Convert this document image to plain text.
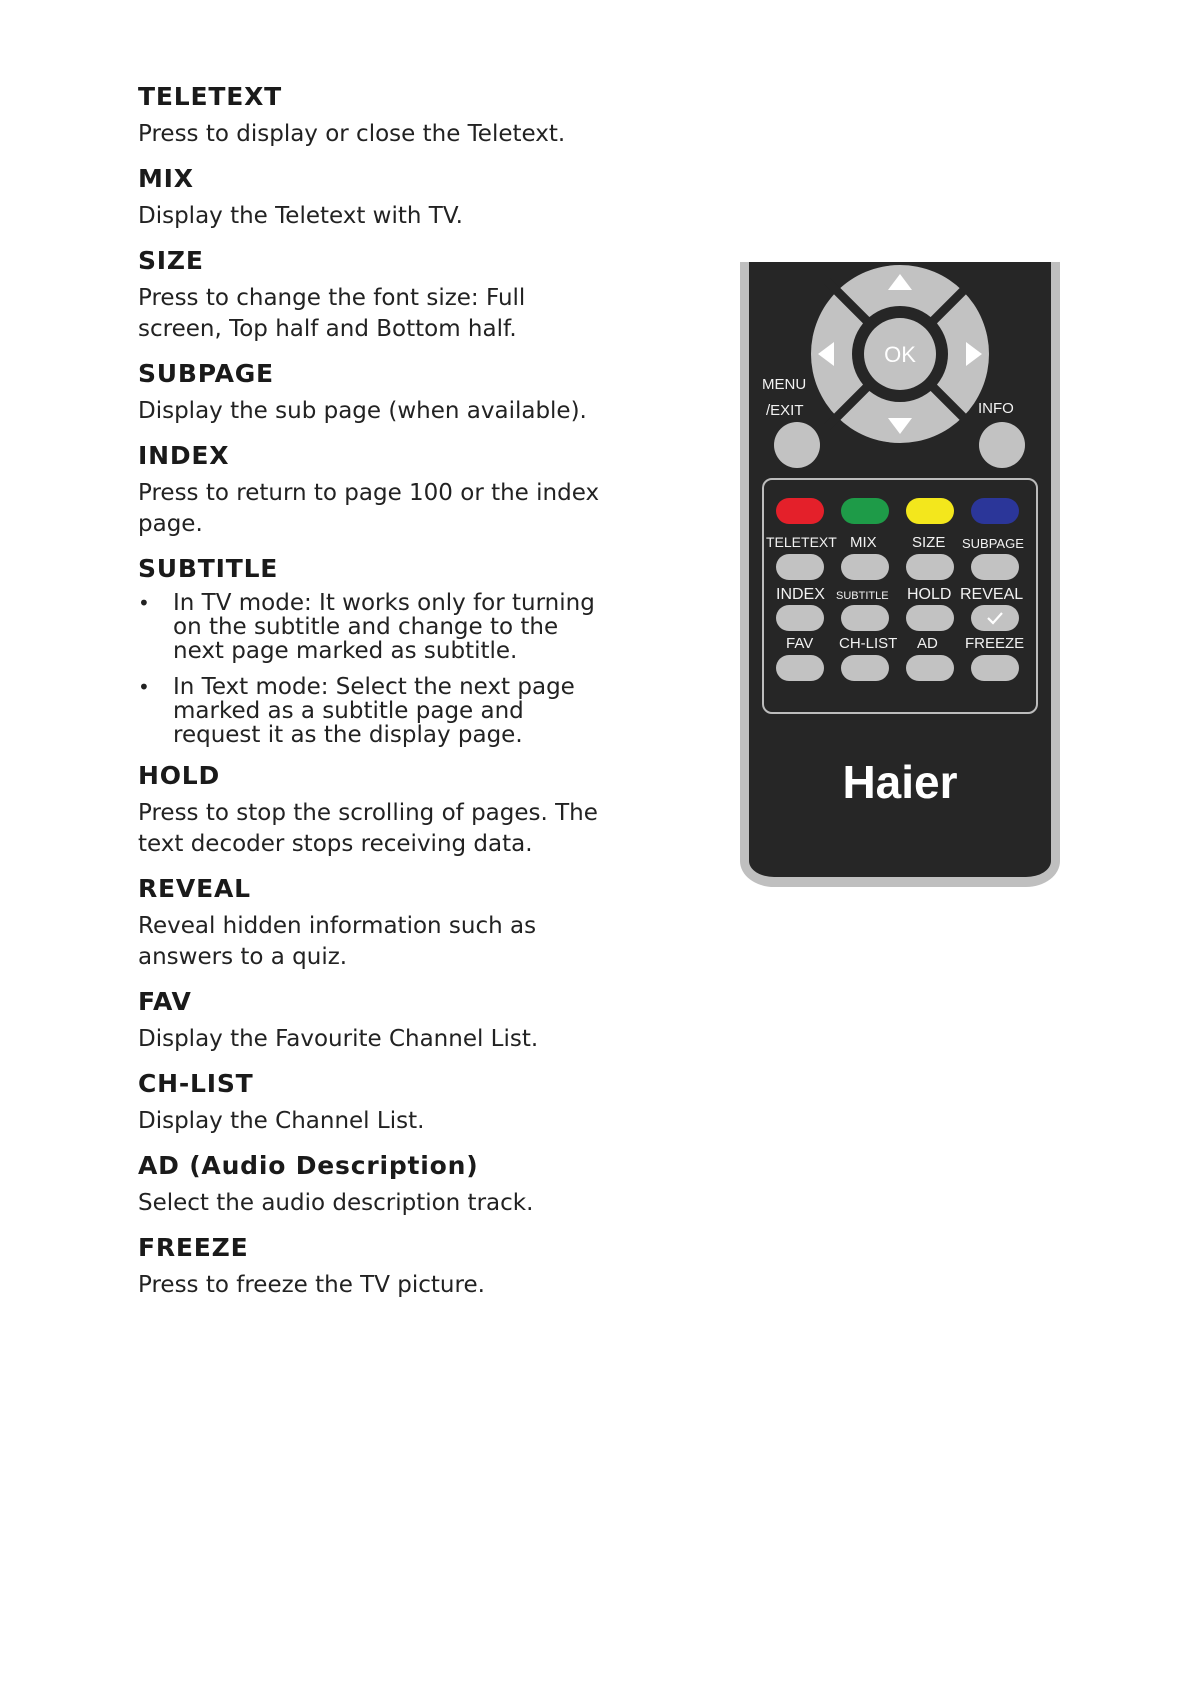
TELETEXT

Press to display or close the Teletext.

MIX

Display the Teletext with TV.

SIZE

Press to change the font size: Full screen, Top half and Bottom half.

SUBPAGE

Display the sub page (when available).

INDEX

Press to return to page 100 or the index page.

SUBTITLE
• In TV mode: It works only for turning on the subtitle and change to the next page marked as subtitle.
• In Text mode: Select the next page marked as a subtitle page and request it as the display page.
HOLD

Press to stop the scrolling of pages. The text decoder stops receiving data.

REVEAL

Reveal hidden information such as answers to a quiz.

FAV

Display the Favourite Channel List.

CH-LIST

Display the Channel List.

AD (Audio Description)

Select the audio description track.

FREEZE

Press to freeze the TV picture.

OK
MENU
/EXIT	INFO
TELETEXT MIX SIZE SUBPAGE
INDEX SUBTITLE HOLD REVEAL
FAV CH-LIST AD FREEZE
Haier
